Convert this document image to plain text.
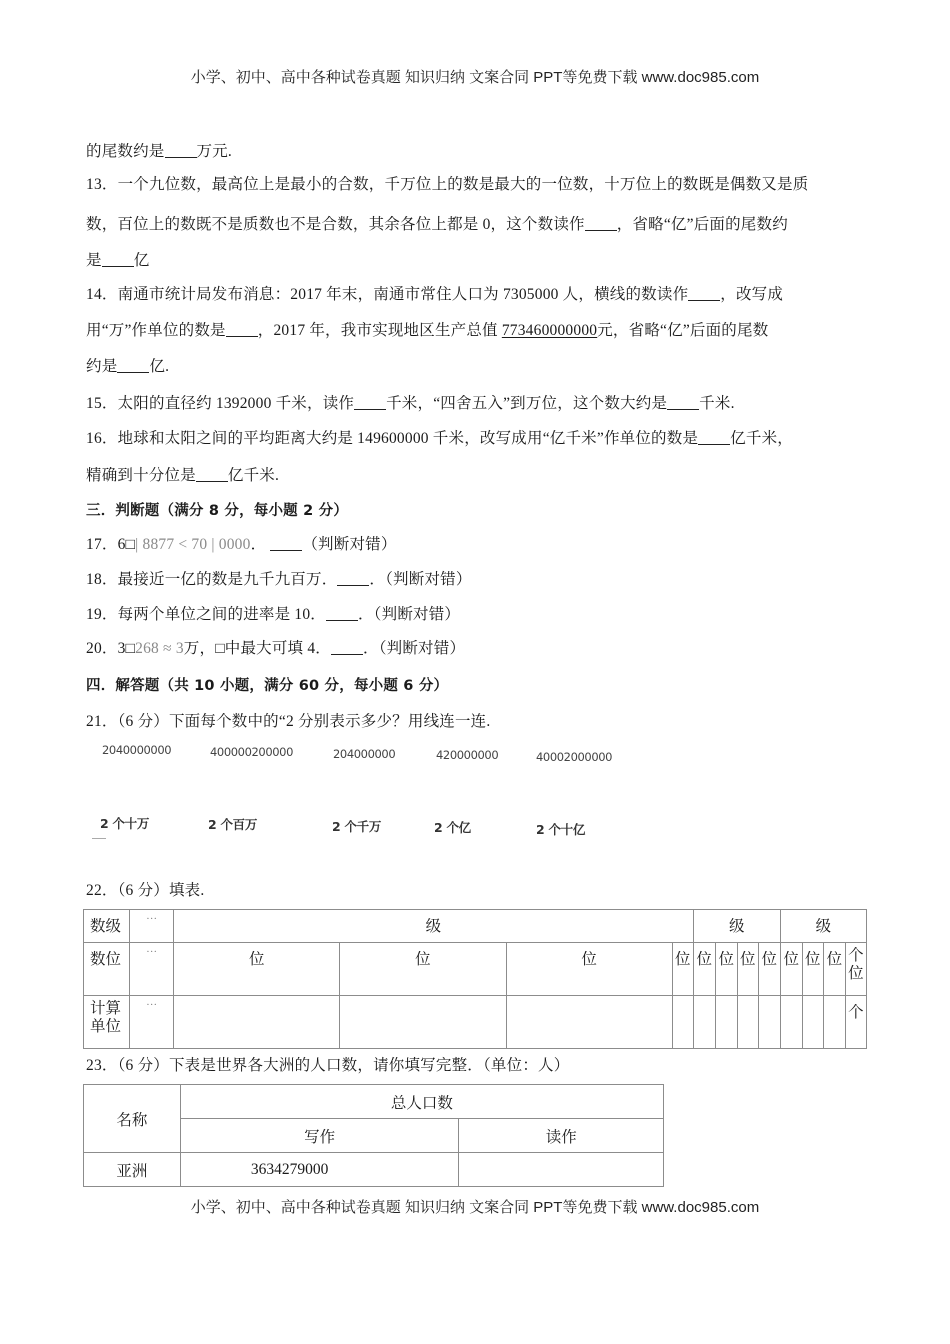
小学、初中、高中各种试卷真题 知识归纳 文案合同 PPT等免费下载 www.doc985.com
的尾数约是 万元.
13．一个九位数，最高位上是最小的合数，千万位上的数是最大的一位数，十万位上的数既是偶数又是质
数，百位上的数既不是质数也不是合数，其余各位上都是 0，这个数读作 ，省略“亿”后面的尾数约
是 亿
14．南通市统计局发布消息：2017 年末，南通市常住人口为 7305000 人，横线的数读作 ，改写成
用“万”作单位的数是 ，2017 年，我市实现地区生产总值 773460000000元，省略“亿”后面的尾数
约是 亿.
15．太阳的直径约 1392000 千米，读作 千米，“四舍五入”到万位，这个数大约是 千米.
16．地球和太阳之间的平均距离大约是 149600000 千米，改写成用“亿千米”作单位的数是 亿千米，
精确到十分位是 亿千米.
三．判断题（满分 8 分，每小题 2 分）
17．6□| 8877 < 70 | 0000． （判断对错）
18．最接近一亿的数是九千九百万． ．（判断对错）
19．每两个单位之间的进率是 10． ．（判断对错）
20．3□268 ≈ 3万，□中最大可填 4． ．（判断对错）
四．解答题（共 10 小题，满分 60 分，每小题 6 分）
21．（6 分）下面每个数中的“2 分别表示多少？用线连一连.
2040000000	400000200000	204000000	420000000	40002000000
2 个十万	2 个百万	2 个千万	2 个亿	2 个十亿
22．（6 分）填表.
数级	…	级				级				级			
数位	…	位	位	位	位	位	位	位	位	位	位	位	个位
计算单位	…												个
23．（6 分）下表是世界各大洲的人口数，请你填写完整．（单位：人）
名称	总人口数	
	写作	读作
亚洲	3634279000	
小学、初中、高中各种试卷真题 知识归纳 文案合同 PPT等免费下载 www.doc985.com
